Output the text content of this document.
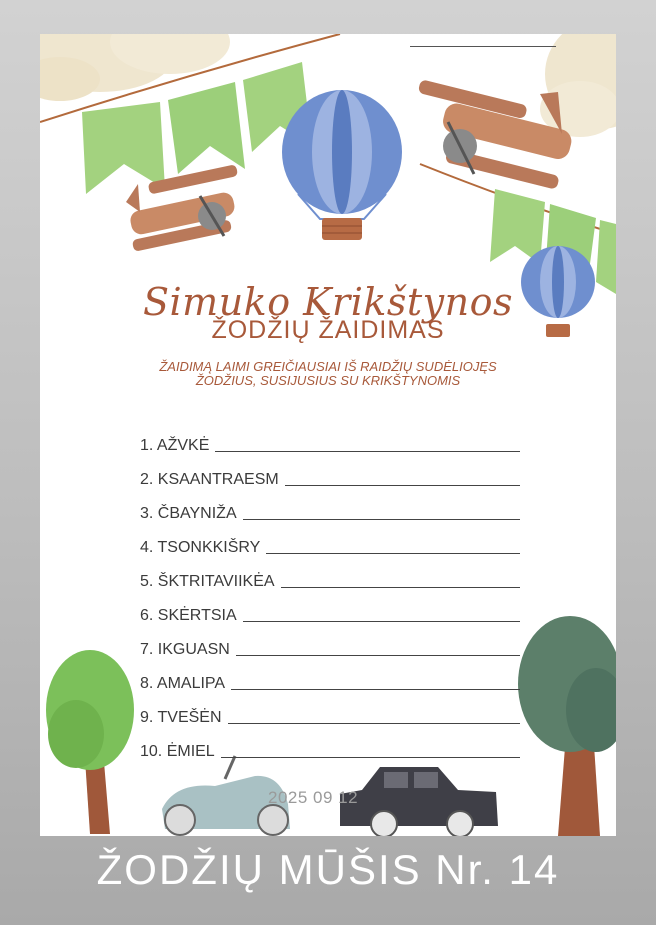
Simuko Krikštynos
ŽODŽIŲ ŽAIDIMAS
ŽAIDIMĄ LAIMI GREIČIAUSIAI IŠ RAIDŽIŲ SUDĖLIOJĘS
ŽODŽIUS, SUSIJUSIUS SU KRIKŠTYNOMIS
1. AŽVKĖ
2. KSAANTRAESM
3. ČBAYNIŽA
4. TSONKKIŠRY
5. ŠKTRITAVIIKĖA
6. SKĖRTSIA
7. IKGUASN
8. AMALIPA
9. TVEŠĖN
10. ĖMIEL
2025 09 12
ŽODŽIŲ MŪŠIS Nr. 14
